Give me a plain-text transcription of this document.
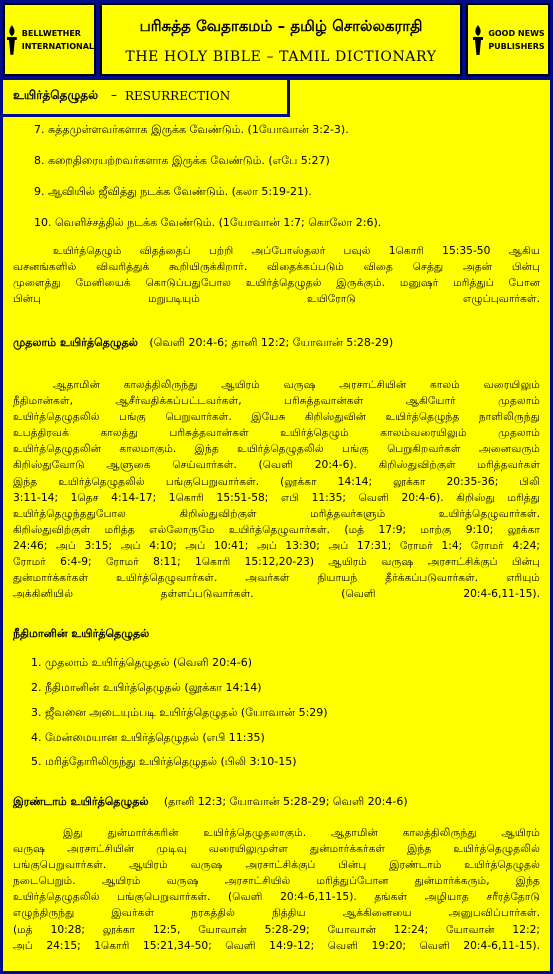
BELLWETHER
INTERNATIONAL
பரிசுத்த வேதாகமம் – தமிழ் சொல்லகராதி
THE HOLY BIBLE – TAMIL DICTIONARY
GOOD NEWS
PUBLISHERS
உயிர்த்தெழுதல் – RESURRECTION
7. சுத்தமுள்ளவர்களாக இருக்க வேண்டும். (1யோவான் 3:2-3).
8. கறைதிரையற்றவர்களாக இருக்க வேண்டும். (எபே 5:27)
9. ஆவியில் ஜீவித்து நடக்க வேண்டும். (கலா 5:19-21).
10. வெளிச்சத்தில் நடக்க வேண்டும். (1யோவான் 1:7; கொலோ 2:6).
உயிர்த்தெழும் விதத்தைப் பற்றி அப்போஸ்தலர் பவுல் 1கொரி 15:35-50 ஆகிய
வசனங்களில் விவரித்துக் கூறியிருக்கிறார். விதைக்கப்படும் விதை செத்து அதன் பின்பு
முளைத்து மேனியைக் கொடுப்பதுபோல உயிர்த்தெழுதல் இருக்கும். மனுஷர் மரித்துப் போன
பின்பு மறுபடியும் உயிரோடு எழுப்புவார்கள்.
முதலாம் உயிர்த்தெழுதல் (வெளி 20:4-6; தானி 12:2; யோவான் 5:28-29)
ஆதாமின் காலத்திலிருந்து ஆயிரம் வருஷ அரசாட்சியின் காலம் வரையிலும்
நீதிமான்கள், ஆசீர்வதிக்கப்பட்டவர்கள், பரிசுத்தவான்கள் ஆகியோர் முதலாம்
உயிர்த்தெழுதலில் பங்கு பெறுவார்கள். இயேசு கிறிஸ்துவின் உயிர்த்தெழுந்த நாளிலிருந்து
உபத்திரவக் காலத்து பரிசுத்தவான்கள் உயிர்த்தெழும் காலம்வரையிலும் முதலாம்
உயிர்த்தெழுதலின் காலமாகும். இந்த உயிர்த்தெழுதலில் பங்கு பெறுகிறவர்கள் அனைவரும்
கிறிஸ்துவோடு ஆளுகை செய்வார்கள். (வெளி 20:4-6). கிறிஸ்துவிற்குள் மரித்தவர்கள்
இந்த உயிர்த்தெழுதலில் பங்குபெறுவார்கள். (லூக்கா 14:14; லூக்கா 20:35-36; பிலி
3:11-14; 1தெச 4:14-17; 1கொரி 15:51-58; எபி 11:35; வெளி 20:4-6). கிறிஸ்து மரித்து
உயிர்த்தெழுந்ததுபோல கிறிஸ்துவிற்குள் மரித்தவர்களும் உயிர்த்தெழுவார்கள்.
கிறிஸ்துவிற்குள் மரித்த எல்லோருமே உயிர்த்தெழுவார்கள். (மத் 17:9; மாற்கு 9:10; லூக்கா
24:46; அப் 3:15; அப் 4:10; அப் 10:41; அப் 13:30; அப் 17:31; ரோமர் 1:4; ரோமர் 4:24;
ரோமர் 6:4-9; ரோமர் 8:11; 1கொரி 15:12,20-23) ஆயிரம் வருஷ அரசாட்சிக்குப் பின்பு
துன்மார்க்கர்கள் உயிர்த்தெழுவார்கள். அவர்கள் நியாயந் தீர்க்கப்படுவார்கள். எரியும்
அக்கினியில் தள்ளப்படுவார்கள். (வெளி 20:4-6,11-15).
நீதிமானின் உயிர்த்தெழுதல்
1. முதலாம் உயிர்த்தெழுதல் (வெளி 20:4-6)
2. நீதிமானின் உயிர்த்தெழுதல் (லூக்கா 14:14)
3. ஜீவனை அடையும்படி உயிர்த்தெழுதல் (யோவான் 5:29)
4. மேன்மையான உயிர்த்தெழுதல் (எபி 11:35)
5. மரித்தோரிலிருந்து உயிர்த்தெழுதல் (பிலி 3:10-15)
இரண்டாம் உயிர்த்தெழுதல் (தானி 12:3; யோவான் 5:28-29; வெளி 20:4-6)
இது துன்மார்க்கரின் உயிர்த்தெழுதலாகும். ஆதாமின் காலத்திலிருந்து ஆயிரம்
வருஷ அரசாட்சியின் முடிவு வரையிலுமுள்ள துன்மார்க்கர்கள் இந்த உயிர்த்தெழுதலில்
பங்குபெறுவார்கள். ஆயிரம் வருஷ அரசாட்சிக்குப் பின்பு இரண்டாம் உயிர்த்தெழுதல்
நடைபெறும். ஆயிரம் வருஷ அரசாட்சியில் மரித்துப்போன துன்மார்க்கரும், இந்த
உயிர்த்தெழுதலில் பங்குபெறுவார்கள். (வெளி 20:4-6,11-15). தங்கள் அழியாத சரீரத்தோடு
எழுந்திருந்து இவர்கள் நரகத்தில் நித்திய ஆக்கினையை அனுபவிப்பார்கள்.
(மத் 10:28; லூக்கா 12:5, யோவான் 5:28-29; யோவான் 12:24; யோவான் 12:2;
அப் 24:15; 1கொரி 15:21,34-50; வெளி 14:9-12; வெளி 19:20; வெளி 20:4-6,11-15).
